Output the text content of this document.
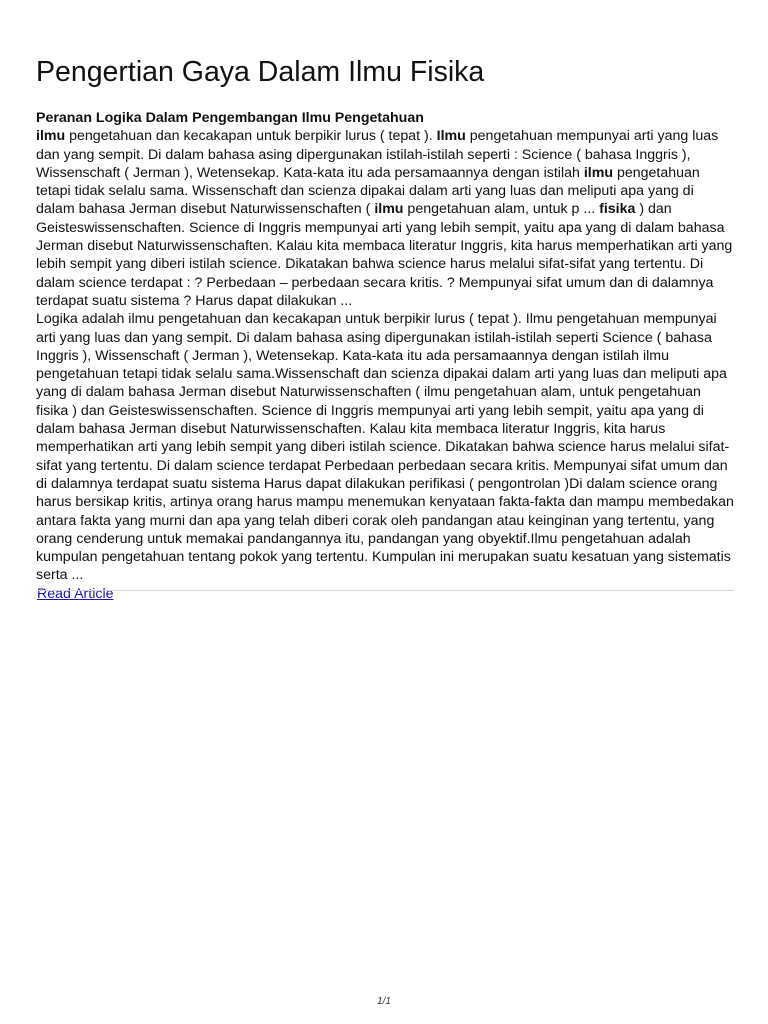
Pengertian Gaya Dalam Ilmu Fisika
Peranan Logika Dalam Pengembangan Ilmu Pengetahuan

ilmu pengetahuan dan kecakapan untuk berpikir lurus ( tepat ). Ilmu pengetahuan mempunyai arti yang luas dan yang sempit. Di dalam bahasa asing dipergunakan istilah-istilah seperti : Science ( bahasa Inggris ), Wissenschaft ( Jerman ), Wetensekap. Kata-kata itu ada persamaannya dengan istilah ilmu pengetahuan tetapi tidak selalu sama. Wissenschaft dan scienza dipakai dalam arti yang luas dan meliputi apa yang di dalam bahasa Jerman disebut Naturwissenschaften ( ilmu pengetahuan alam, untuk p ... fisika ) dan Geisteswissenschaften. Science di Inggris mempunyai arti yang lebih sempit, yaitu apa yang di dalam bahasa Jerman disebut Naturwissenschaften. Kalau kita membaca literatur Inggris, kita harus memperhatikan arti yang lebih sempit yang diberi istilah science. Dikatakan bahwa science harus melalui sifat-sifat yang tertentu. Di dalam science terdapat : ? Perbedaan – perbedaan secara kritis. ? Mempunyai sifat umum dan di dalamnya terdapat suatu sistema ? Harus dapat dilakukan ...

Logika adalah ilmu pengetahuan dan kecakapan untuk berpikir lurus ( tepat ). Ilmu pengetahuan mempunyai arti yang luas dan yang sempit. Di dalam bahasa asing dipergunakan istilah-istilah seperti Science ( bahasa Inggris ), Wissenschaft ( Jerman ), Wetensekap. Kata-kata itu ada persamaannya dengan istilah ilmu pengetahuan tetapi tidak selalu sama.Wissenschaft dan scienza dipakai dalam arti yang luas dan meliputi apa yang di dalam bahasa Jerman disebut Naturwissenschaften ( ilmu pengetahuan alam, untuk pengetahuan fisika ) dan Geisteswissenschaften. Science di Inggris mempunyai arti yang lebih sempit, yaitu apa yang di dalam bahasa Jerman disebut Naturwissenschaften. Kalau kita membaca literatur Inggris, kita harus memperhatikan arti yang lebih sempit yang diberi istilah science. Dikatakan bahwa science harus melalui sifat-sifat yang tertentu. Di dalam science terdapat Perbedaan perbedaan secara kritis. Mempunyai sifat umum dan di dalamnya terdapat suatu sistema Harus dapat dilakukan perifikasi ( pengontrolan )Di dalam science orang harus bersikap kritis, artinya orang harus mampu menemukan kenyataan fakta-fakta dan mampu membedakan antara fakta yang murni dan apa yang telah diberi corak oleh pandangan atau keinginan yang tertentu, yang orang cenderung untuk memakai pandangannya itu, pandangan yang obyektif.Ilmu pengetahuan adalah kumpulan pengetahuan tentang pokok yang tertentu. Kumpulan ini merupakan suatu kesatuan yang sistematis serta ...

Read Article
1/1
